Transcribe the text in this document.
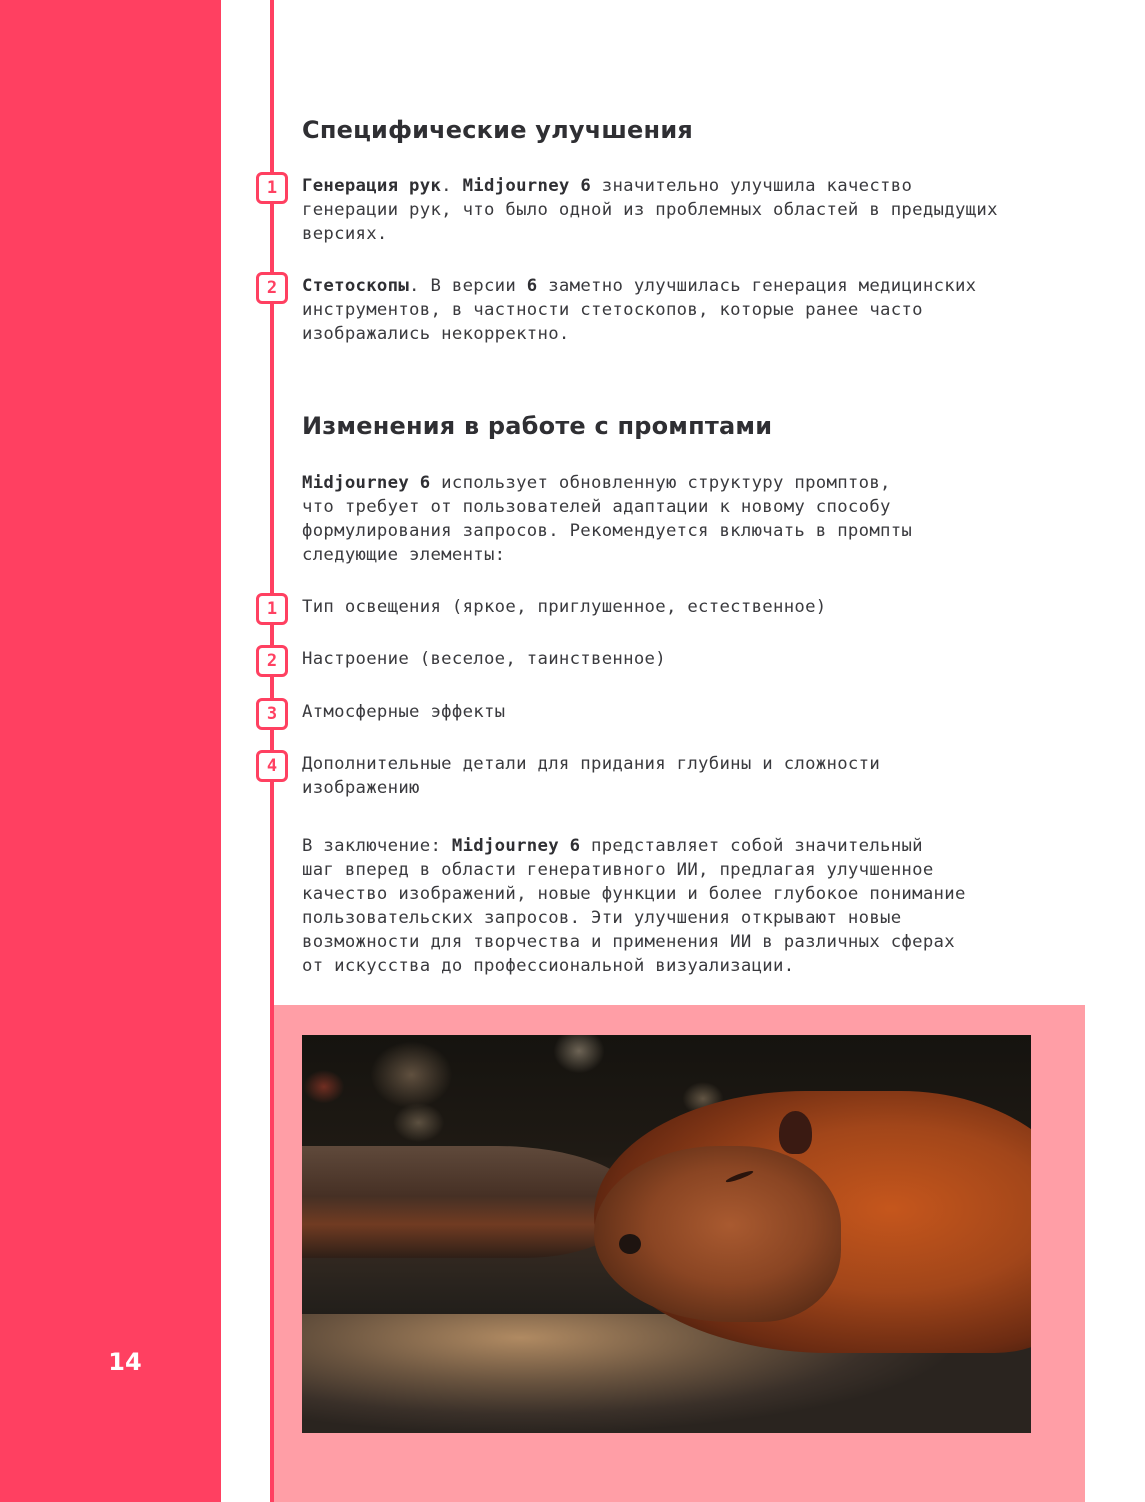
14
Специфические улучшения
1	Генерация рук. Midjourney 6 значительно улучшила качество
генерации рук, что было одной из проблемных областей в предыдущих
версиях.

2	Стетоскопы. В версии 6 заметно улучшилась генерация медицинских
инструментов, в частности стетоскопов, которые ранее часто
изображались некорректно.

Изменения в работе с промптами

Midjourney 6 использует обновленную структуру промптов,
что требует от пользователей адаптации к новому способу
формулирования запросов. Рекомендуется включать в промпты
следующие элементы:

1	Тип освещения (яркое, приглушенное, естественное)

2	Настроение (веселое, таинственное)

3	Атмосферные эффекты

4	Дополнительные детали для придания глубины и сложности
изображению

В заключение: Midjourney 6 представляет собой значительный
шаг вперед в области генеративного ИИ, предлагая улучшенное
качество изображений, новые функции и более глубокое понимание
пользовательских запросов. Эти улучшения открывают новые
возможности для творчества и применения ИИ в различных сферах
от искусства до профессиональной визуализации.
